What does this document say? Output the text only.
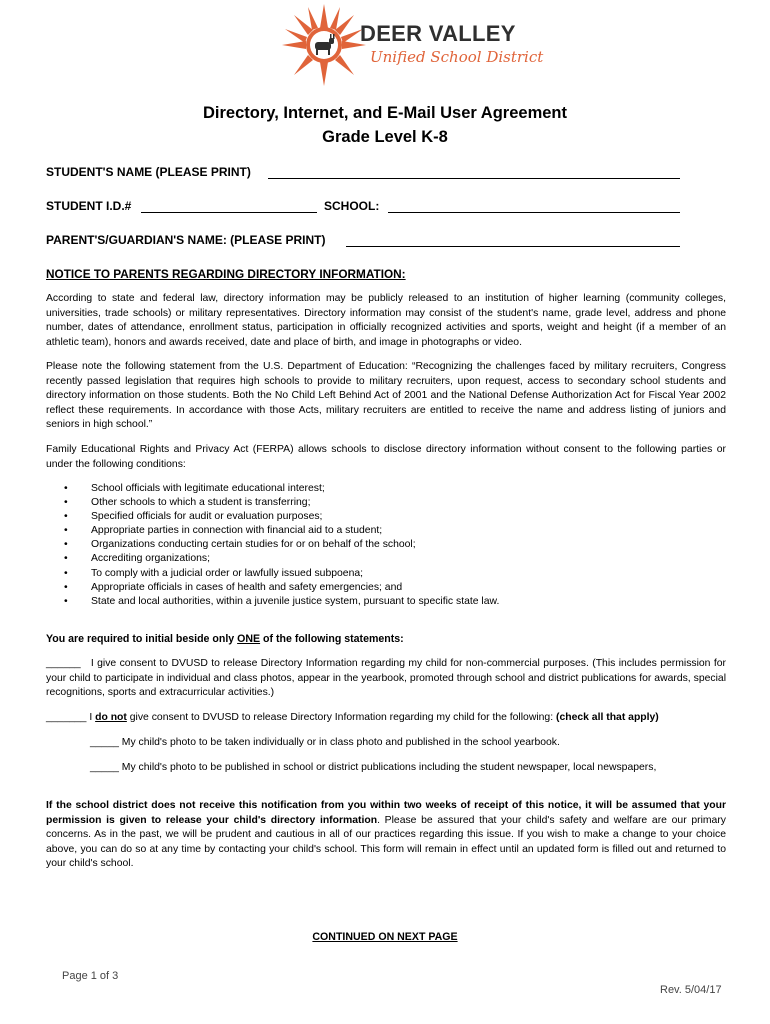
DEER VALLEY
Unified School District
Directory, Internet, and E-Mail User Agreement
Grade Level K-8
STUDENT'S NAME (PLEASE PRINT)
STUDENT I.D.#	SCHOOL:
PARENT'S/GUARDIAN'S NAME: (PLEASE PRINT)
NOTICE TO PARENTS REGARDING DIRECTORY INFORMATION:
According to state and federal law, directory information may be publicly released to an institution of higher learning (community colleges, universities, trade schools) or military representatives. Directory information may consist of the student's name, grade level, address and phone number, dates of attendance, enrollment status, participation in officially recognized activities and sports, weight and height (if a member of an athletic team), honors and awards received, date and place of birth, and image in photographs or video.
Please note the following statement from the U.S. Department of Education: “Recognizing the challenges faced by military recruiters, Congress recently passed legislation that requires high schools to provide to military recruiters, upon request, access to secondary school students and directory information on those students. Both the No Child Left Behind Act of 2001 and the National Defense Authorization Act for Fiscal Year 2002 reflect these requirements. In accordance with those Acts, military recruiters are entitled to receive the name and address listing of juniors and seniors in high school.”
Family Educational Rights and Privacy Act (FERPA) allows schools to disclose directory information without consent to the following parties or under the following conditions:
• School officials with legitimate educational interest;
• Other schools to which a student is transferring;
• Specified officials for audit or evaluation purposes;
• Appropriate parties in connection with financial aid to a student;
• Organizations conducting certain studies for or on behalf of the school;
• Accrediting organizations;
• To comply with a judicial order or lawfully issued subpoena;
• Appropriate officials in cases of health and safety emergencies; and
• State and local authorities, within a juvenile justice system, pursuant to specific state law.
You are required to initial beside only ONE of the following statements:
______ I give consent to DVUSD to release Directory Information regarding my child for non-commercial purposes. (This includes permission for your child to participate in individual and class photos, appear in the yearbook, promoted through school and district publications for awards, special recognitions, sports and extracurricular activities.)
_______ I do not give consent to DVUSD to release Directory Information regarding my child for the following: (check all that apply)
_____ My child's photo to be taken individually or in class photo and published in the school yearbook.
_____ My child's photo to be published in school or district publications including the student newspaper, local newspapers,
If the school district does not receive this notification from you within two weeks of receipt of this notice, it will be assumed that your permission is given to release your child's directory information. Please be assured that your child's safety and welfare are our primary concerns. As in the past, we will be prudent and cautious in all of our practices regarding this issue. If you wish to make a change to your choice above, you can do so at any time by contacting your child's school. This form will remain in effect until an updated form is filled out and returned to your child's school.
CONTINUED ON NEXT PAGE
Page 1 of 3
Rev. 5/04/17
